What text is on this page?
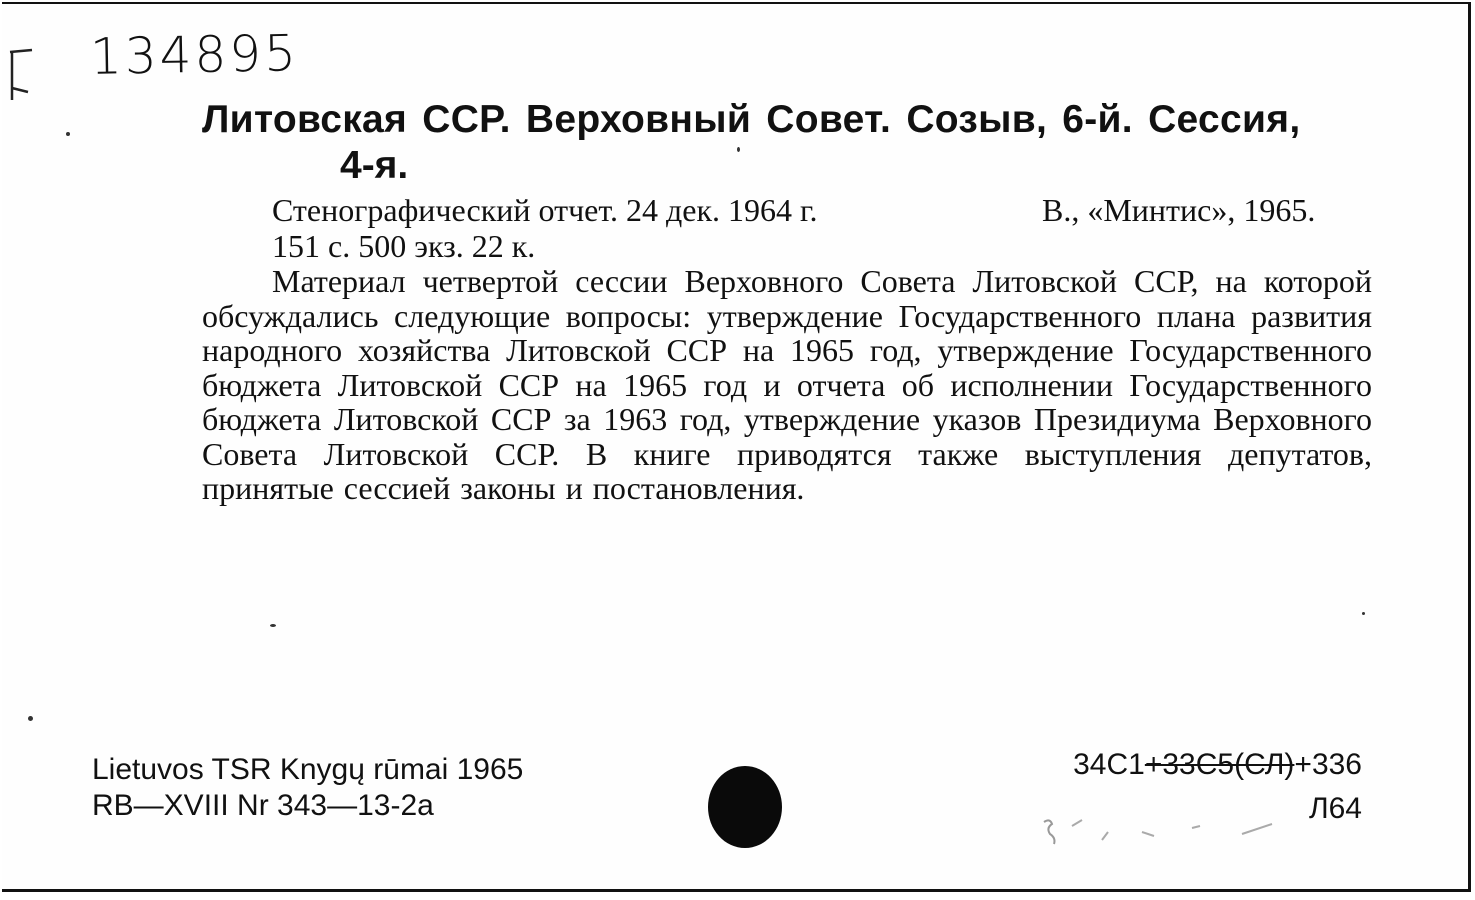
134895
Литовская ССР. Верховный Совет. Созыв, 6-й. Сессия,
4-я.
Стенографический отчет. 24 дек. 1964 г.	В., «Минтис», 1965.
151 с. 500 экз. 22 к.
Материал четвертой сессии Верховного Совета Литовской ССР, на которой обсуждались следующие вопросы: утверждение Государственного плана развития народного хозяйства Литовской ССР на 1965 год, утверждение Государственного бюджета Литовской ССР на 1965 год и отчета об исполнении Государственного бюджета Литовской ССР за 1963 год, утверждение указов Президиума Верховного Совета Литовской ССР. В книге приводятся также выступления депутатов, принятые сессией законы и постановления.
Lietuvos TSR Knygų rūmai 1965
RB—XVIII Nr 343—13-2a
34С1+33С5(СЛ)+336
Л64
